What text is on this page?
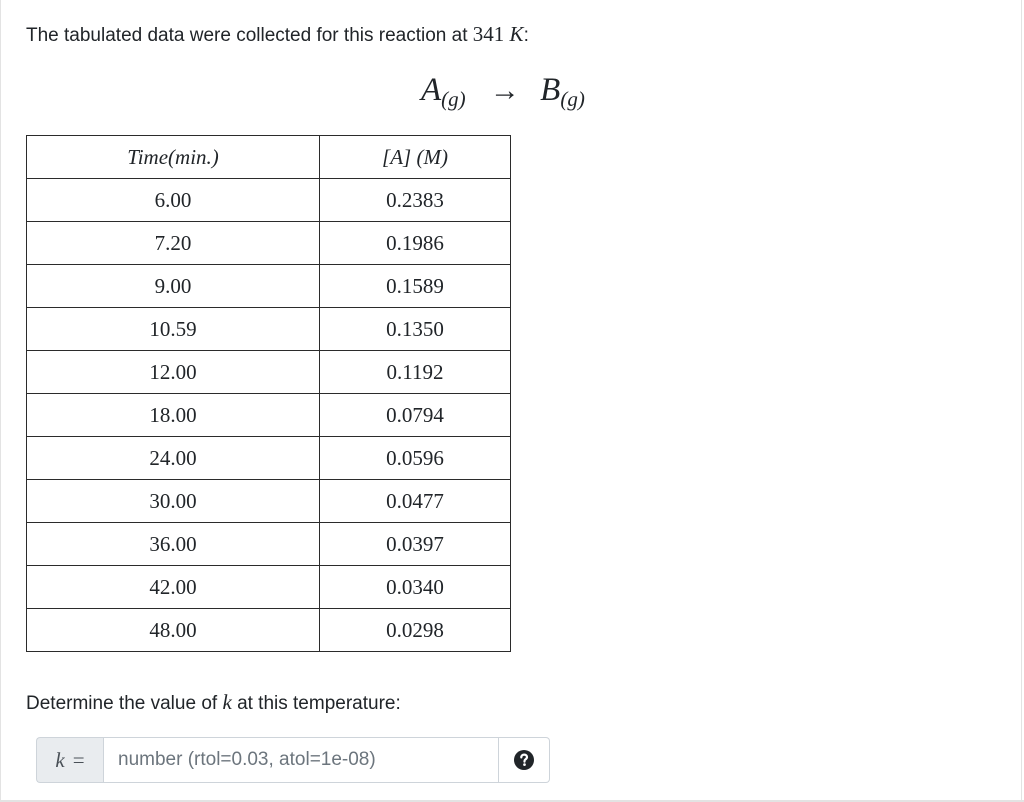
The tabulated data were collected for this reaction at 341 K:
$A_{(g)} \to B_{(g)}$
Time(min.)	[A] (M)
6.00	0.2383
7.20	0.1986
9.00	0.1589
10.59	0.1350
12.00	0.1192
18.00	0.0794
24.00	0.0596
30.00	0.0477
36.00	0.0397
42.00	0.0340
48.00	0.0298
Determine the value of k at this temperature:
k =
number (rtol=0.03, atol=1e-08)
